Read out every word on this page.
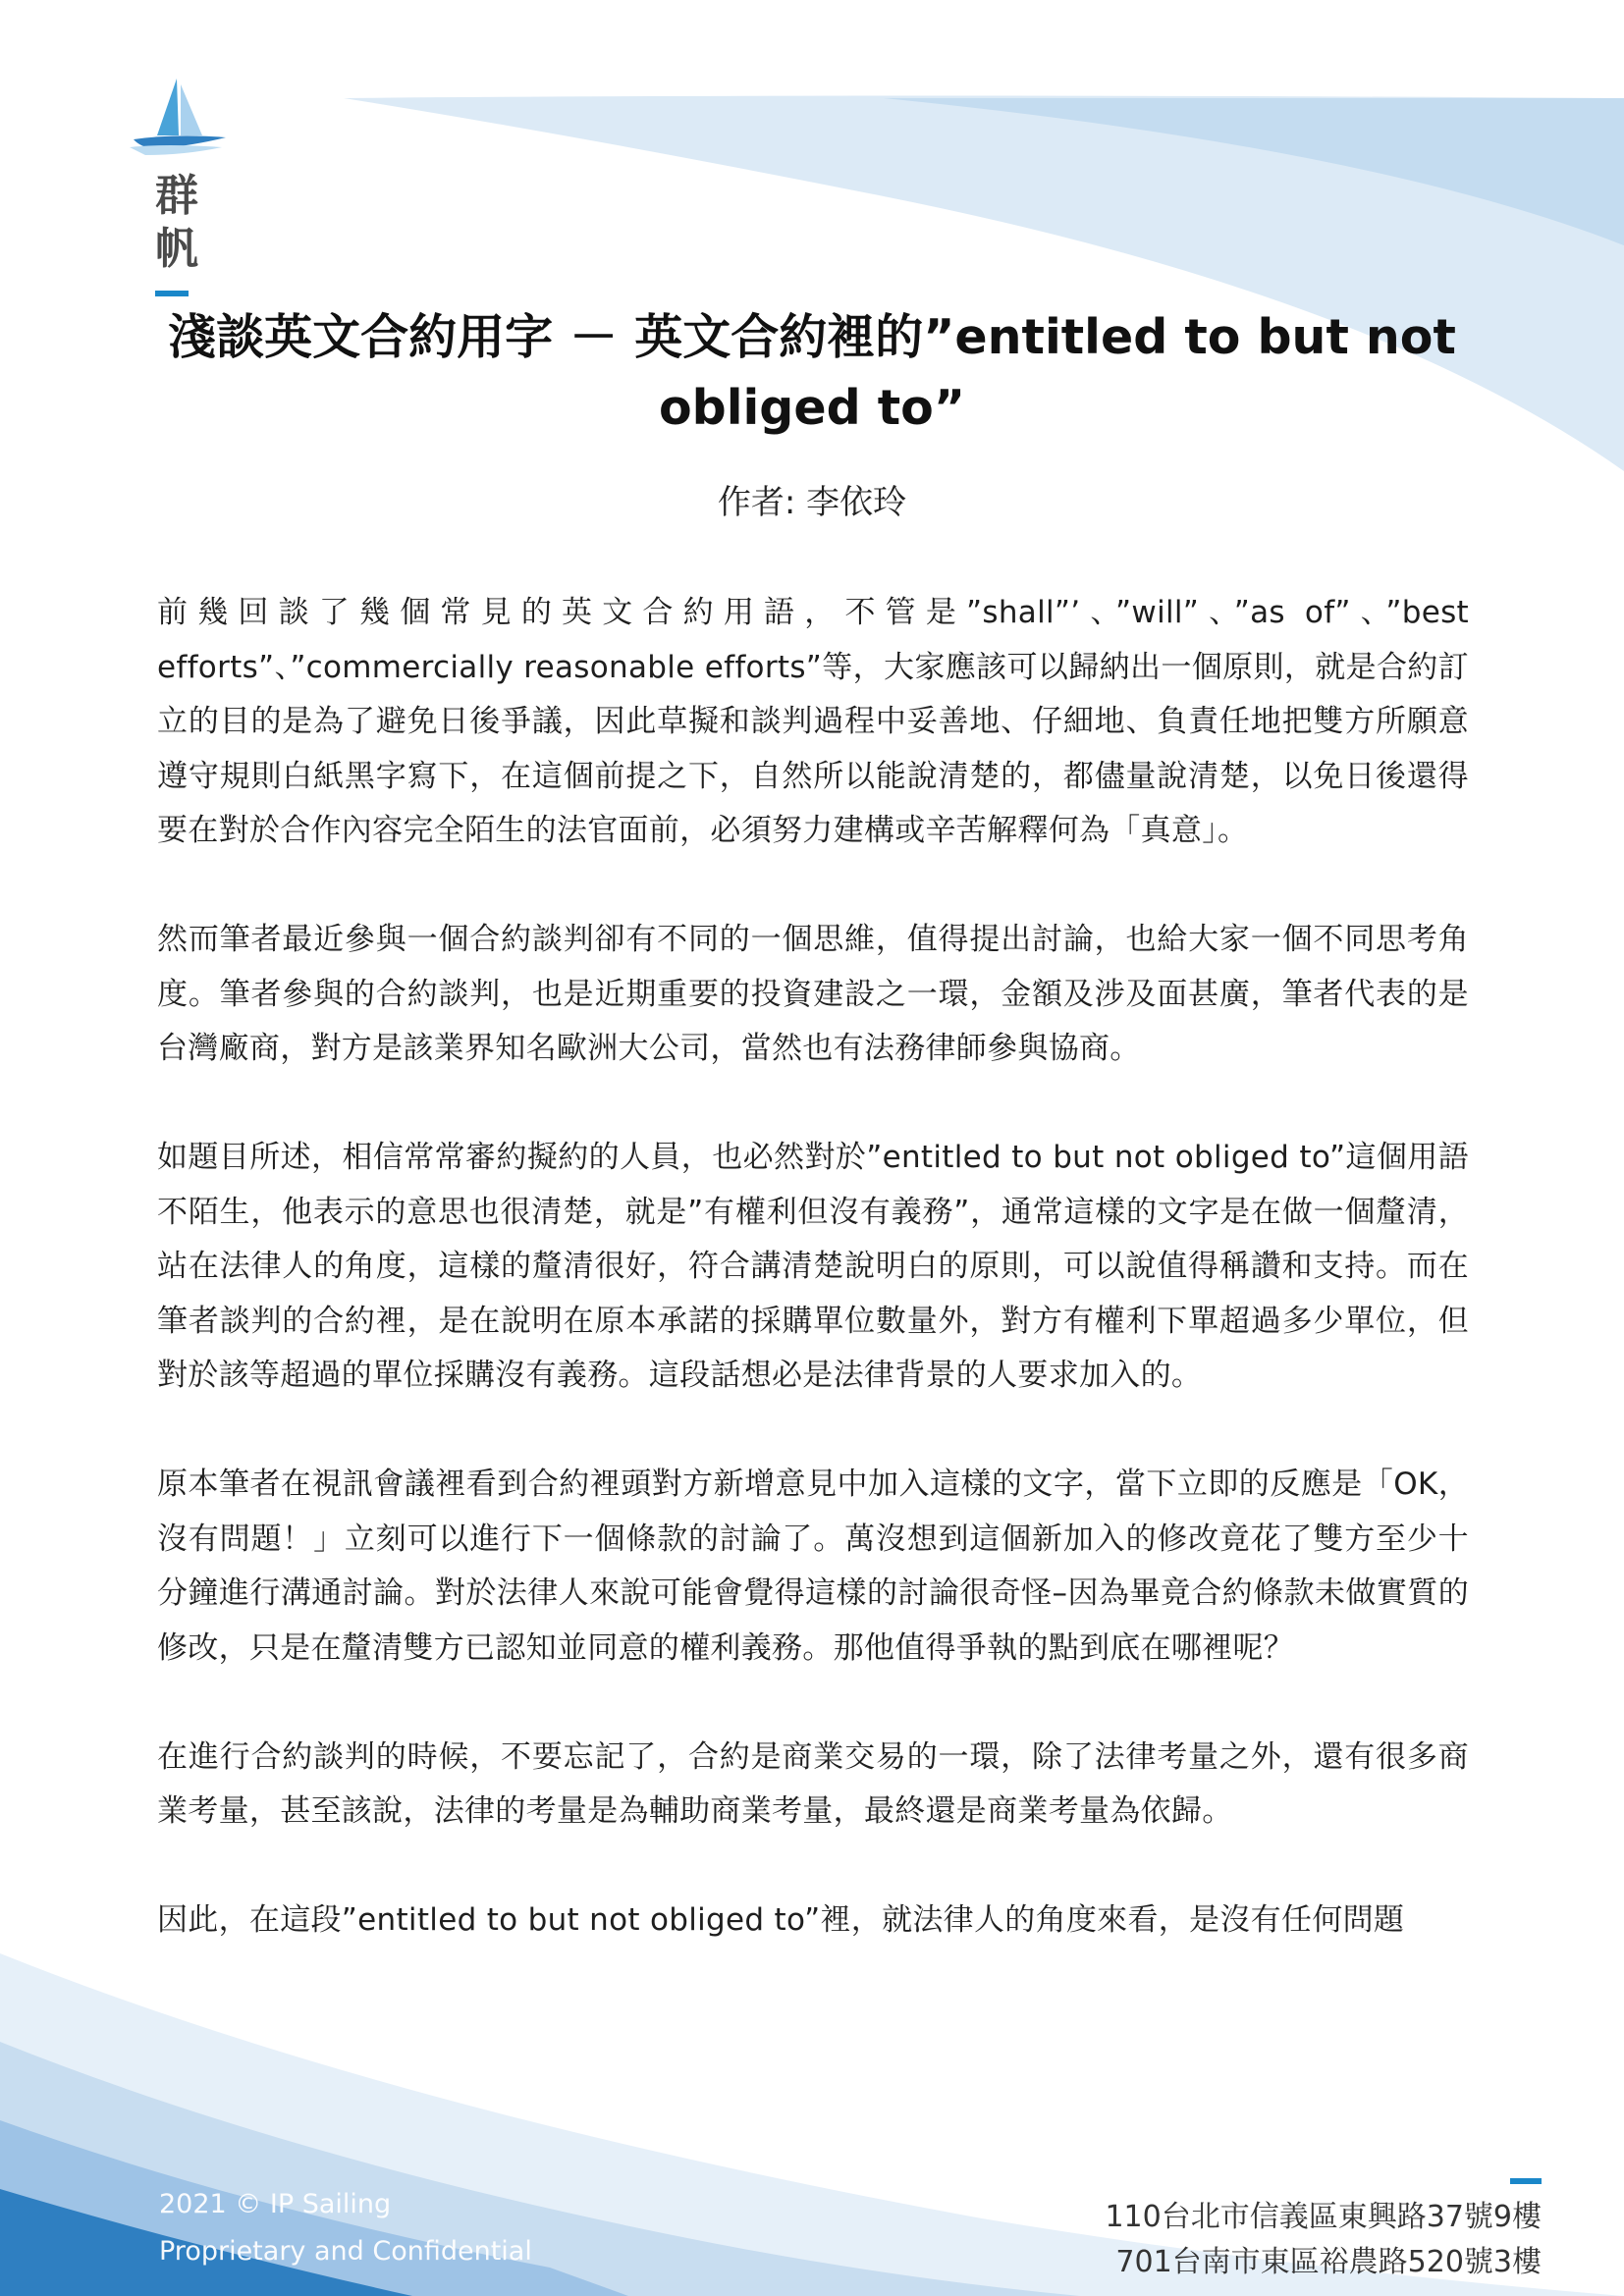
群
帆
淺談英文合約用字 － 英文合約裡的”entitled to but not obliged to”
作者: 李依玲

前幾回談了幾個常見的英文合約用語，不管是”shall”’、”will”、”as of”、”best efforts”、”commercially reasonable efforts”等，大家應該可以歸納出一個原則，就是合約訂立的目的是為了避免日後爭議，因此草擬和談判過程中妥善地、仔細地、負責任地把雙方所願意遵守規則白紙黑字寫下，在這個前提之下，自然所以能說清楚的，都儘量說清楚，以免日後還得要在對於合作內容完全陌生的法官面前，必須努力建構或辛苦解釋何為「真意」。

然而筆者最近參與一個合約談判卻有不同的一個思維，值得提出討論，也給大家一個不同思考角度。筆者參與的合約談判，也是近期重要的投資建設之一環，金額及涉及面甚廣，筆者代表的是台灣廠商，對方是該業界知名歐洲大公司，當然也有法務律師參與協商。

如題目所述，相信常常審約擬約的人員，也必然對於”entitled to but not obliged to”這個用語不陌生，他表示的意思也很清楚，就是”有權利但沒有義務”，通常這樣的文字是在做一個釐清，站在法律人的角度，這樣的釐清很好，符合講清楚說明白的原則，可以說值得稱讚和支持。而在筆者談判的合約裡，是在說明在原本承諾的採購單位數量外，對方有權利下單超過多少單位，但對於該等超過的單位採購沒有義務。這段話想必是法律背景的人要求加入的。

原本筆者在視訊會議裡看到合約裡頭對方新增意見中加入這樣的文字，當下立即的反應是「OK，沒有問題！」立刻可以進行下一個條款的討論了。萬沒想到這個新加入的修改竟花了雙方至少十分鐘進行溝通討論。對於法律人來說可能會覺得這樣的討論很奇怪–因為畢竟合約條款未做實質的修改，只是在釐清雙方已認知並同意的權利義務。那他值得爭執的點到底在哪裡呢？

在進行合約談判的時候，不要忘記了，合約是商業交易的一環，除了法律考量之外，還有很多商業考量，甚至該說，法律的考量是為輔助商業考量，最終還是商業考量為依歸。

因此，在這段”entitled to but not obliged to”裡，就法律人的角度來看，是沒有任何問題

2021 © IP Sailing
Proprietary and Confidential
110台北市信義區東興路37號9樓
701台南市東區裕農路520號3樓
